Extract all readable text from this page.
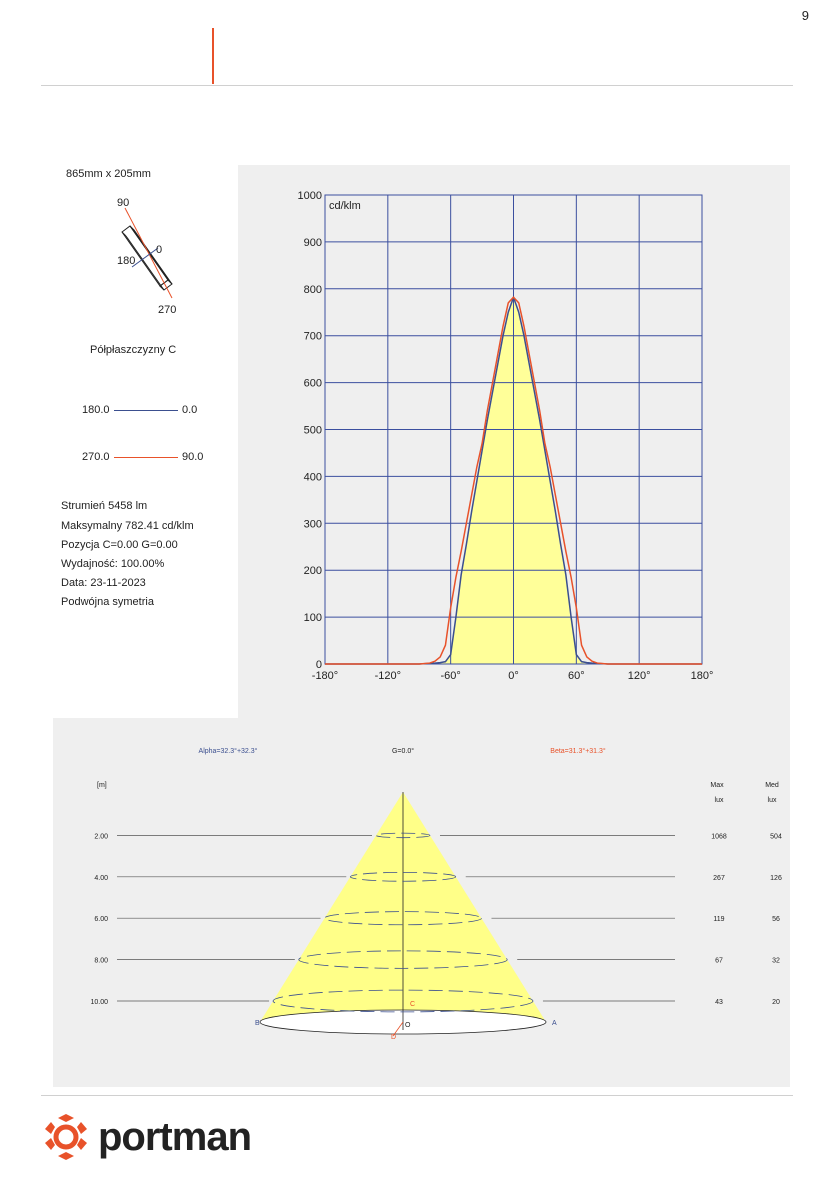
9
865mm x 205mm
90
0
180
270
Półpłaszczyzny C
180.0	0.0
270.0	90.0
Strumień 5458 lm
Maksymalny 782.41 cd/klm
Pozycja C=0.00 G=0.00
Wydajność: 100.00%
Data: 23-11-2023
Podwójna symetria
0
100
200
300
400
500
600
700
800
900
1000
-180°	-120°	-60°	0°	60°	120°	180°
cd/klm
Alpha=32.3°+32.3°	G=0.0°	Beta=31.3°+31.3°
[m]	Max	Med
lux	lux
2.00	1068	504
4.00	267	126
6.00	119	56
8.00	67	32
10.00	43	20
B	A
C
D
O
portman
